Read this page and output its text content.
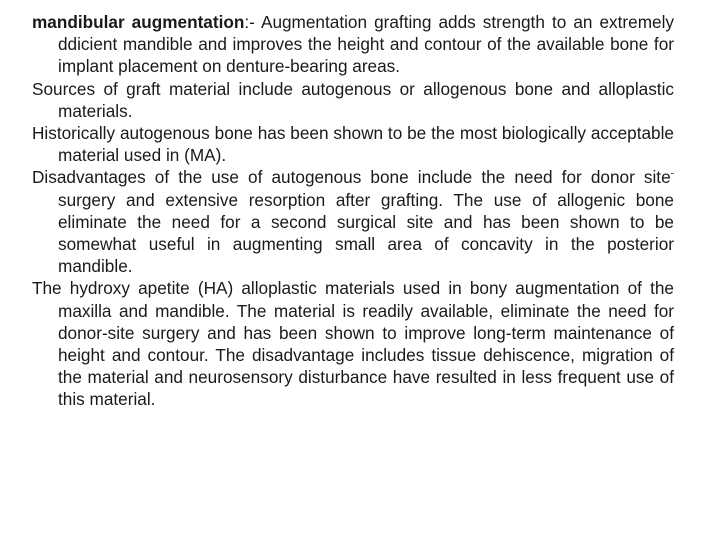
mandibular augmentation:- Augmentation grafting adds strength to an extremely ddicient mandible and improves the height and contour of the available bone for implant placement on denture-bearing areas.

Sources of graft material include autogenous or allogenous bone and alloplastic materials.

Historically autogenous bone has been shown to be the most biologically acceptable material used in (MA).

Disadvantages of the use of autogenous bone include the need for donor site- surgery and extensive resorption after grafting. The use of allogenic bone eliminate the need for a second surgical site and has been shown to be somewhat useful in augmenting small area of concavity in the posterior mandible.

The hydroxy apetite (HA) alloplastic materials used in bony augmentation of the maxilla and mandible. The material is readily available, eliminate the need for donor-site surgery and has been shown to improve long-term maintenance of height and contour. The disadvantage includes tissue dehiscence, migration of the material and neurosensory disturbance have resulted in less frequent use of this material.
